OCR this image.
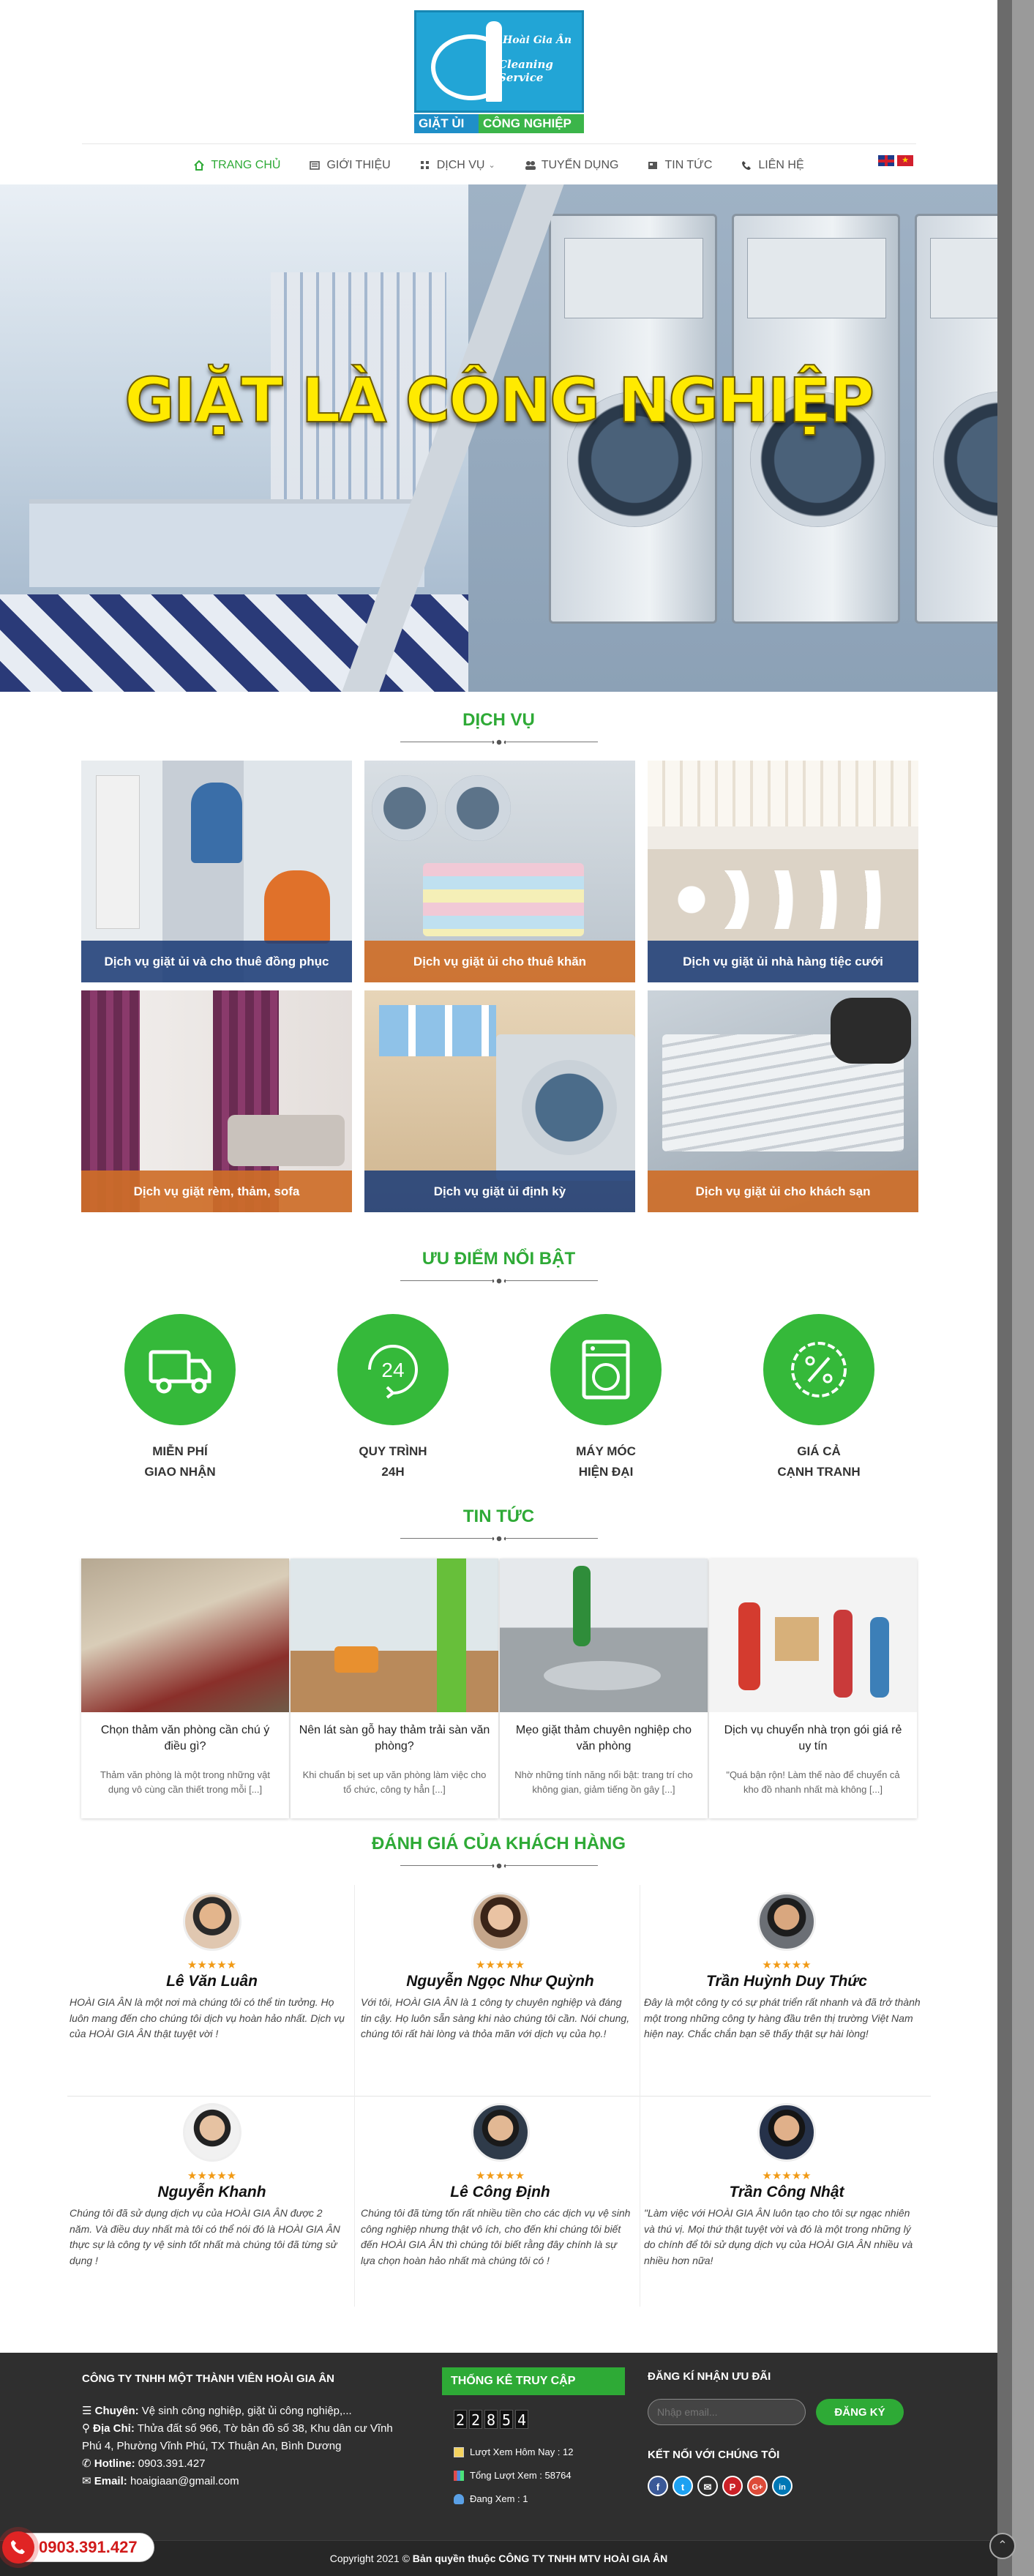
Hoài Gia Ân
Cleaning Service
GIẶT ỦI	CÔNG NGHIỆP
TRANG CHỦ	GIỚI THIỆU	DỊCH VỤ ⌄	TUYỂN DỤNG	TIN TỨC	LIÊN HỆ	★
GIẶT LÀ CÔNG NGHIỆP
DỊCH VỤ
Dịch vụ giặt ủi và cho thuê đồng phục	Dịch vụ giặt ủi cho thuê khăn	Dịch vụ giặt ủi nhà hàng tiệc cưới
Dịch vụ giặt rèm, thảm, sofa	Dịch vụ giặt ủi định kỳ	Dịch vụ giặt ủi cho khách sạn
ƯU ĐIỂM NỔI BẬT
MIỄN PHÍ
GIAO NHẬN
24
QUY TRÌNH
24H
MÁY MÓC
HIỆN ĐẠI
GIÁ CẢ
CẠNH TRANH
TIN TỨC
Chọn thảm văn phòng cần chú ý điều gì?

Thảm văn phòng là một trong những vật dụng vô cùng cần thiết trong mỗi [...]

Nên lát sàn gỗ hay thảm trải sàn văn phòng?

Khi chuẩn bị set up văn phòng làm việc cho tổ chức, công ty hẳn [...]

Mẹo giặt thảm chuyên nghiệp cho văn phòng

Nhờ những tính năng nổi bật: trang trí cho không gian, giảm tiếng ồn gây [...]

Dịch vụ chuyển nhà trọn gói giá rẻ uy tín

"Quá bận rộn! Làm thế nào để chuyển cả kho đồ nhanh nhất mà không [...]

ĐÁNH GIÁ CỦA KHÁCH HÀNG
★★★★★
Lê Văn Luân
HOÀI GIA ÂN là một nơi mà chúng tôi có thể tin tưởng. Họ luôn mang đến cho chúng tôi dịch vụ hoàn hảo nhất. Dịch vụ của HOÀI GIA ÂN thật tuyệt vời !
★★★★★
Nguyễn Ngọc Như Quỳnh
Với tôi, HOÀI GIA ÂN là 1 công ty chuyên nghiệp và đáng tin cậy. Họ luôn sẵn sàng khi nào chúng tôi cần. Nói chung, chúng tôi rất hài lòng và thỏa mãn với dịch vụ của họ.!
★★★★★
Trần Huỳnh Duy Thức
Đây là một công ty có sự phát triển rất nhanh và đã trở thành một trong những công ty hàng đầu trên thị trường Việt Nam hiện nay. Chắc chắn bạn sẽ thấy thật sự hài lòng!
★★★★★
Nguyễn Khanh
Chúng tôi đã sử dụng dịch vụ của HOÀI GIA ÂN được 2 năm. Và điều duy nhất mà tôi có thể nói đó là HOÀI GIA ÂN thực sự là công ty vệ sinh tốt nhất mà chúng tôi đã từng sử dụng !
★★★★★
Lê Công Định
Chúng tôi đã từng tốn rất nhiều tiền cho các dịch vụ vệ sinh công nghiệp nhưng thật vô ích, cho đến khi chúng tôi biết đến HOÀI GIA ÂN thì chúng tôi biết rằng đây chính là sự lựa chọn hoàn hảo nhất mà chúng tôi có !
★★★★★
Trần Công Nhật
"Làm việc với HOÀI GIA ÂN luôn tạo cho tôi sự ngạc nhiên và thú vị. Mọi thứ thật tuyệt vời và đó là một trong những lý do chính để tôi sử dụng dịch vụ của HOÀI GIA ÂN nhiều và nhiều hơn nữa!
CÔNG TY TNHH MỘT THÀNH VIÊN HOÀI GIA ÂN
☰ Chuyên: Vệ sinh công nghiệp, giặt ủi công nghiệp,...
⚲ Địa Chỉ: Thửa đất số 966, Tờ bản đồ số 38, Khu dân cư Vĩnh Phú 4, Phường Vĩnh Phú, TX Thuận An, Bình Dương
✆ Hotline: 0903.391.427
✉ Email: hoaigiaan@gmail.com
THỐNG KÊ TRUY CẬP
2 2 8 5 4
Lượt Xem Hôm Nay : 12
Tổng Lượt Xem : 58764
Đang Xem : 1
ĐĂNG KÍ NHẬN ƯU ĐÃI
Nhập email...
ĐĂNG KÝ
KẾT NỐI VỚI CHÚNG TÔI
f	t	✉	P	G+	in
Copyright 2021 © Bản quyền thuộc CÔNG TY TNHH MTV HOÀI GIA ÂN
0903.391.427	⌃
